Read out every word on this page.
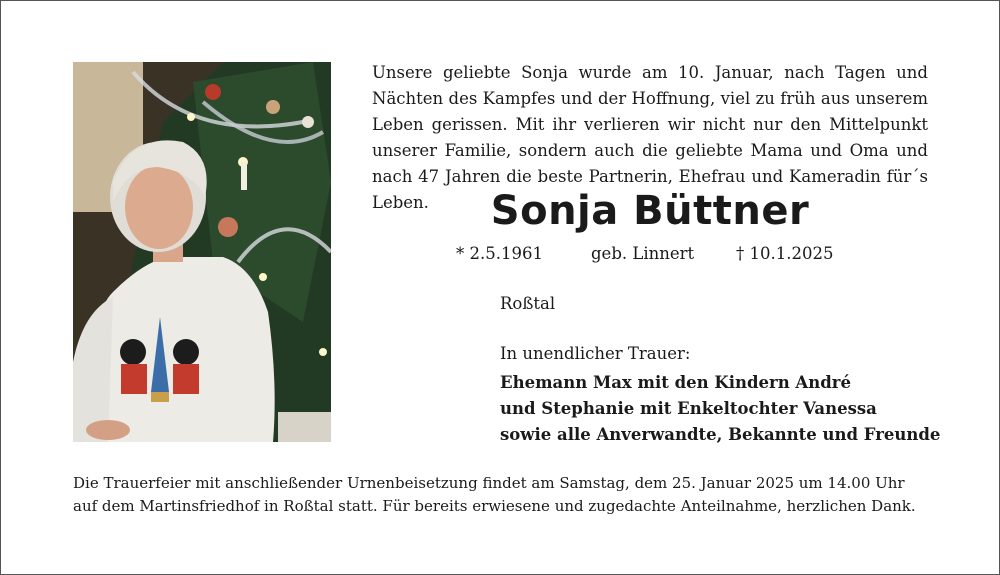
Unsere geliebte Sonja wurde am 10. Januar, nach Tagen und Nächten des Kampfes und der Hoffnung, viel zu früh aus unserem Leben gerissen. Mit ihr verlieren wir nicht nur den Mittelpunkt unserer Familie, sondern auch die geliebte Mama und Oma und nach 47 Jahren die beste Partnerin, Ehefrau und Kameradin für´s Leben.	Sonja Büttner
* 2.5.1961	geb. Linnert	† 10.1.2025
Roßtal
In unendlicher Trauer:
Ehemann Max mit den Kindern André
und Stephanie mit Enkeltochter Vanessa
sowie alle Anverwandte, Bekannte und Freunde

Die Trauerfeier mit anschließender Urnenbeisetzung findet am Samstag, dem 25. Januar 2025 um 14.00 Uhr
auf dem Martinsfriedhof in Roßtal statt. Für bereits erwiesene und zugedachte Anteilnahme, herzlichen Dank.
